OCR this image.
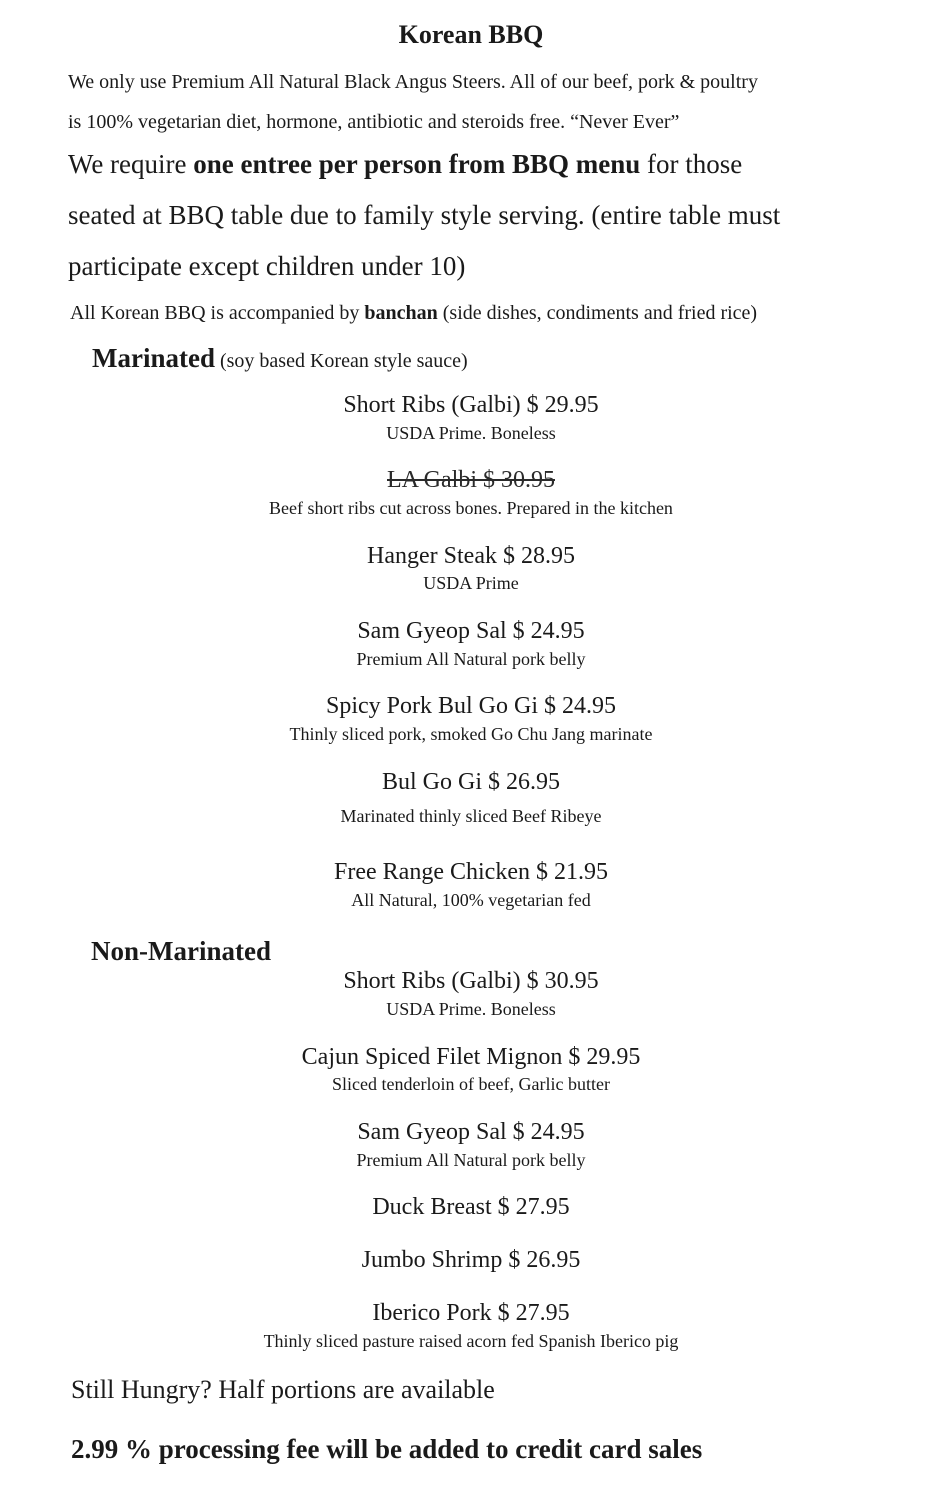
Korean BBQ
We only use Premium All Natural Black Angus Steers. All of our beef, pork & poultry
is 100% vegetarian diet, hormone, antibiotic and steroids free. “Never Ever”
We require one entree per person from BBQ menu for those
seated at BBQ table due to family style serving. (entire table must
participate except children under 10)
All Korean BBQ is accompanied by banchan (side dishes, condiments and fried rice)
Marinated (soy based Korean style sauce)
Short Ribs (Galbi) $ 29.95
USDA Prime. Boneless
LA Galbi $ 30.95
Beef short ribs cut across bones. Prepared in the kitchen
Hanger Steak $ 28.95
USDA Prime
Sam Gyeop Sal $ 24.95
Premium All Natural pork belly
Spicy Pork Bul Go Gi $ 24.95
Thinly sliced pork, smoked Go Chu Jang marinate
Bul Go Gi $ 26.95
Marinated thinly sliced Beef Ribeye
Free Range Chicken $ 21.95
All Natural, 100% vegetarian fed
Non-Marinated
Short Ribs (Galbi) $ 30.95
USDA Prime. Boneless
Cajun Spiced Filet Mignon $ 29.95
Sliced tenderloin of beef, Garlic butter
Sam Gyeop Sal $ 24.95
Premium All Natural pork belly
Duck Breast $ 27.95
Jumbo Shrimp $ 26.95
Iberico Pork $ 27.95
Thinly sliced pasture raised acorn fed Spanish Iberico pig
Still Hungry? Half portions are available
2.99 % processing fee will be added to credit card sales
